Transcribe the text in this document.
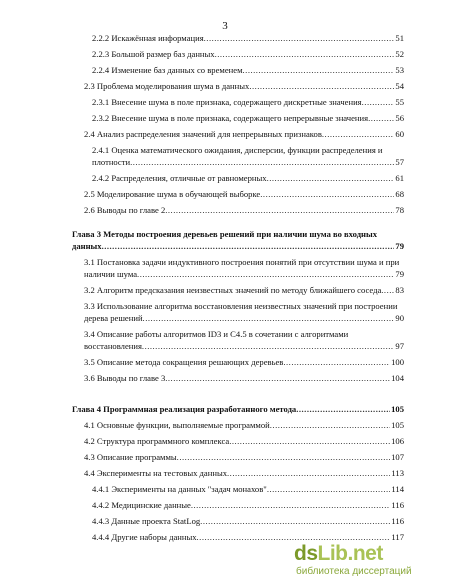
3
2.2.2 Искажённая информация .....	51
2.2.3 Большой размер баз данных .....	52
2.2.4 Изменение баз данных со временем .....	53
2.3 Проблема моделирования шума в данных .....	54
2.3.1 Внесение шума в поле признака, содержащего дискретные значения .....	55
2.3.2 Внесение шума в поле признака, содержащего непрерывные значения .....	56
2.4 Анализ распределения значений для непрерывных признаков .....	60
2.4.1 Оценка математического ожидания, дисперсии, функции распределения и
плотности .....	57
2.4.2 Распределения, отличные от равномерных .....	61
2.5 Моделирование шума в обучающей выборке .....	68
2.6 Выводы по главе 2 .....	78
Глава 3 Методы построения деревьев решений при наличии шума во входных
данных .....	79
3.1 Постановка задачи индуктивного построения понятий при отсутствии шума и при
наличии шума .....	79
3.2 Алгоритм предсказания неизвестных значений по методу ближайшего соседа ..... 83
3.3 Использование алгоритма восстановления неизвестных значений при построении
дерева решений .....	90
3.4 Описание работы алгоритмов ID3 и C4.5 в сочетании с алгоритмами
восстановления .....	97
3.5 Описание метода сокращения решающих деревьев .....	100
3.6 Выводы по главе 3 .....	104
Глава 4 Программная реализация разработанного метода .....	105
4.1 Основные функции, выполняемые программой .....	105
4.2 Структура программного комплекса .....	106
4.3 Описание программы .....	107
4.4 Эксперименты на тестовых данных .....	113
4.4.1 Эксперименты на данных "задач монахов" .....	114
4.4.2 Медицинские данные .....	116
4.4.3 Данные проекта StatLog .....	116
4.4.4 Другие наборы данных .....	117
dsLib.net
библиотека диссертаций
